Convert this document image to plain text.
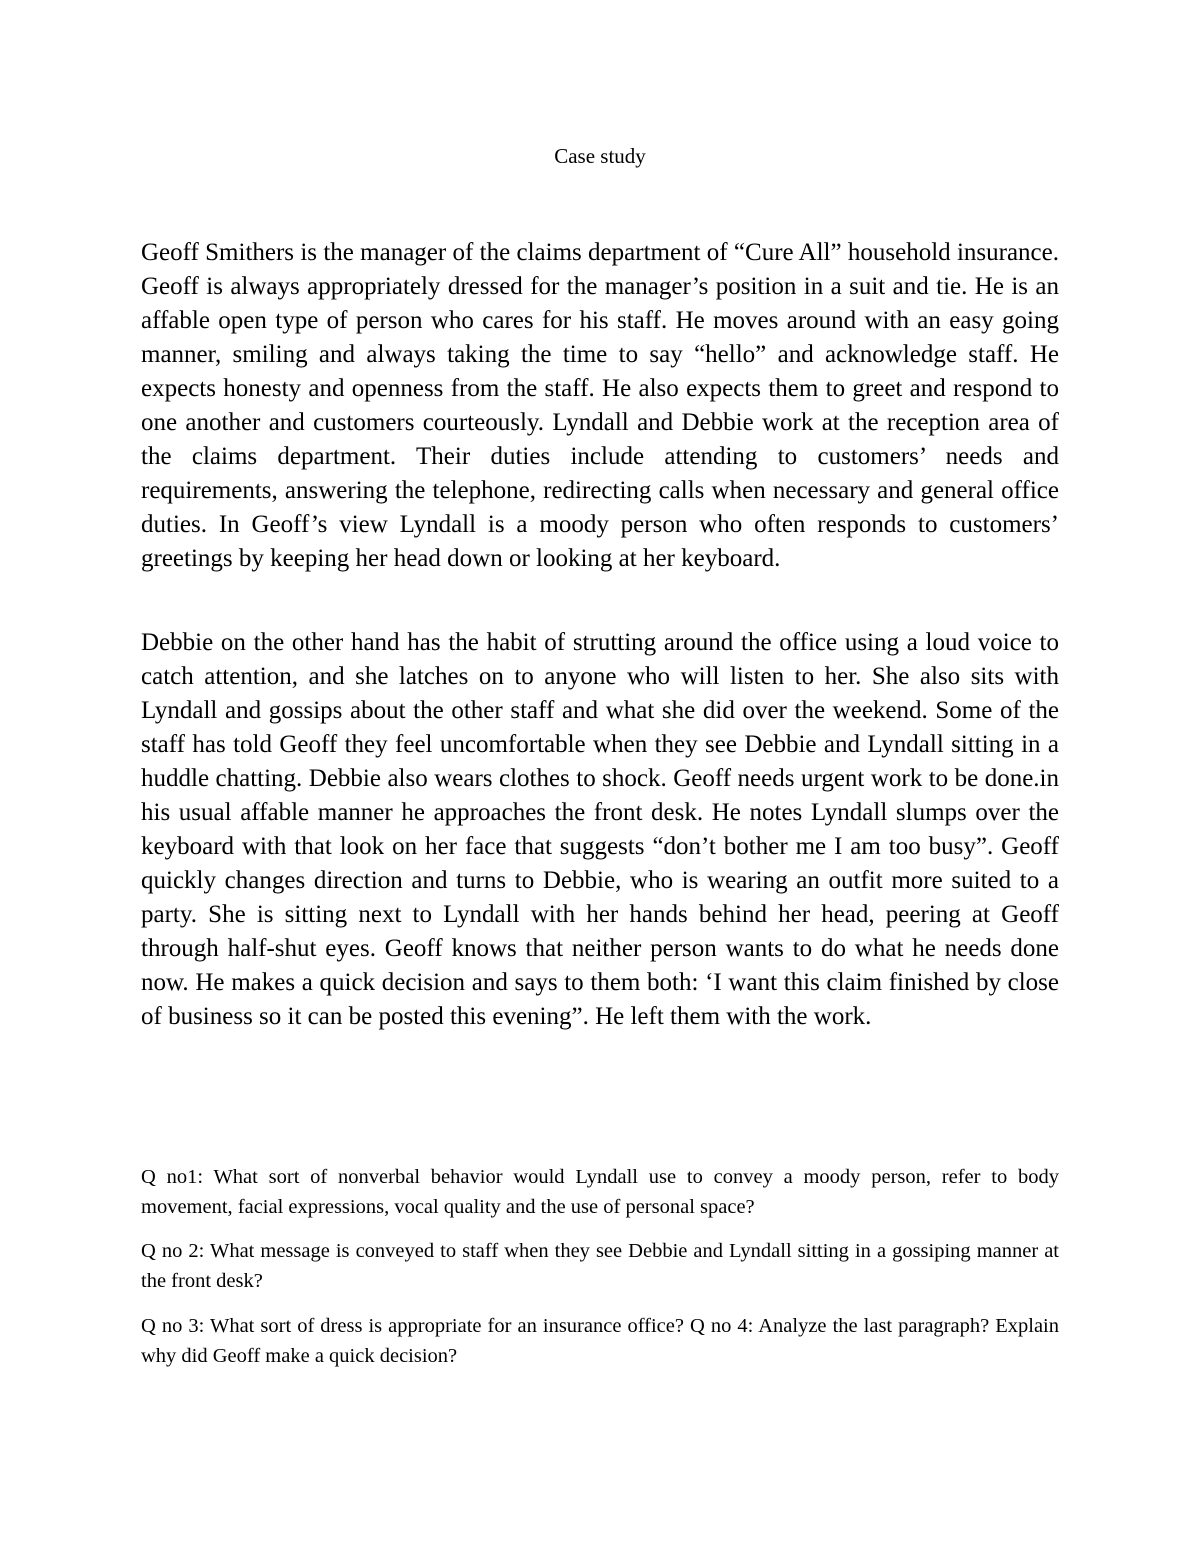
Case study

Geoff Smithers is the manager of the claims department of “Cure All” household insurance. Geoff is always appropriately dressed for the manager’s position in a suit and tie. He is an affable open type of person who cares for his staff. He moves around with an easy going manner, smiling and always taking the time to say “hello” and acknowledge staff. He expects honesty and openness from the staff. He also expects them to greet and respond to one another and customers courteously. Lyndall and Debbie work at the reception area of the claims department. Their duties include attending to customers’ needs and requirements, answering the telephone, redirecting calls when necessary and general office duties. In Geoff’s view Lyndall is a moody person who often responds to customers’ greetings by keeping her head down or looking at her keyboard.

Debbie on the other hand has the habit of strutting around the office using a loud voice to catch attention, and she latches on to anyone who will listen to her. She also sits with Lyndall and gossips about the other staff and what she did over the weekend. Some of the staff has told Geoff they feel uncomfortable when they see Debbie and Lyndall sitting in a huddle chatting. Debbie also wears clothes to shock. Geoff needs urgent work to be done.in his usual affable manner he approaches the front desk. He notes Lyndall slumps over the keyboard with that look on her face that suggests “don’t bother me I am too busy”. Geoff quickly changes direction and turns to Debbie, who is wearing an outfit more suited to a party. She is sitting next to Lyndall with her hands behind her head, peering at Geoff through half-shut eyes. Geoff knows that neither person wants to do what he needs done now. He makes a quick decision and says to them both: ‘I want this claim finished by close of business so it can be posted this evening”. He left them with the work.

Q no1: What sort of nonverbal behavior would Lyndall use to convey a moody person, refer to body movement, facial expressions, vocal quality and the use of personal space?

Q no 2: What message is conveyed to staff when they see Debbie and Lyndall sitting in a gossiping manner at the front desk?

Q no 3: What sort of dress is appropriate for an insurance office? Q no 4: Analyze the last paragraph? Explain why did Geoff make a quick decision?
